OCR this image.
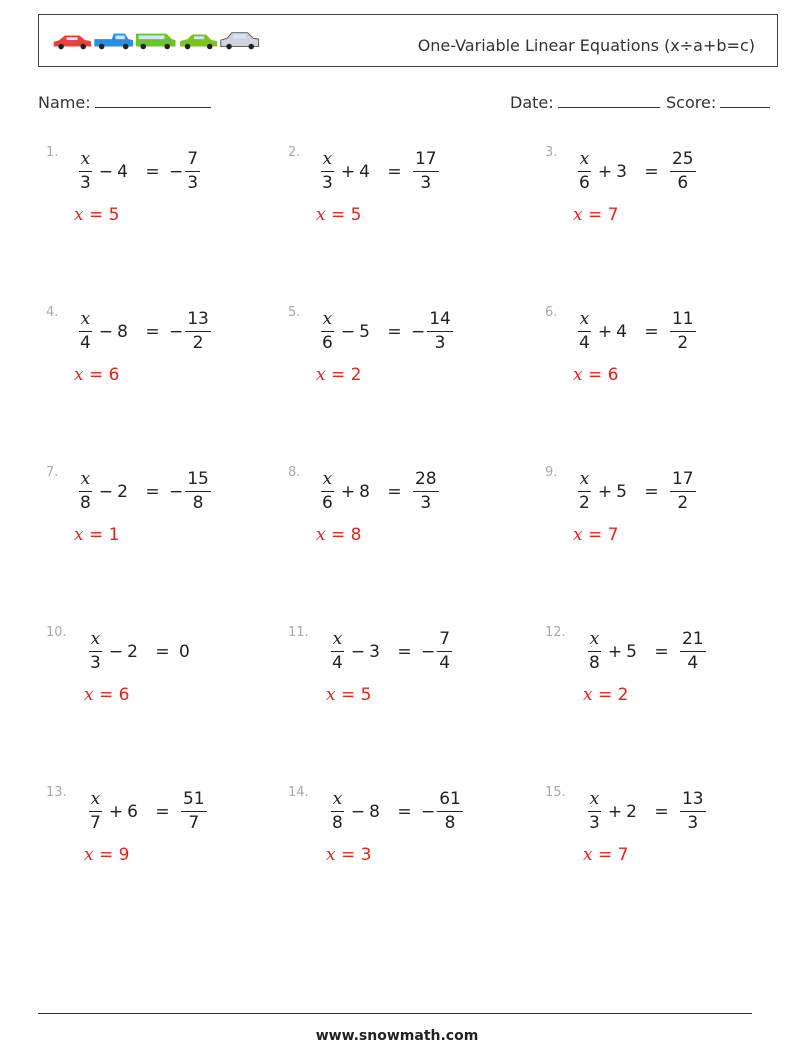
One-Variable Linear Equations (x÷a+b=c)
Name:	Date:	Score:
1. $\frac{x}{3} - 4$
= − $\frac{7}{3}$
x = 5
2. $\frac{x}{3} + 4$
= $\frac{17}{3}$
x = 5
3. $\frac{x}{6} + 3$
= $\frac{25}{6}$
x = 7
4. $\frac{x}{4} - 8$
= − $\frac{13}{2}$
x = 6
5. $\frac{x}{6} - 5$
= − $\frac{14}{3}$
x = 2
6. $\frac{x}{4} + 4$
= $\frac{11}{2}$
x = 6
7. $\frac{x}{8} - 2$
= − $\frac{15}{8}$
x = 1
8. $\frac{x}{6} + 8$
= $\frac{28}{3}$
x = 8
9. $\frac{x}{2} + 5$
= $\frac{17}{2}$
x = 7
10. $\frac{x}{3} - 2$
= 0
x = 6
11. $\frac{x}{4} - 3$
= − $\frac{7}{4}$
x = 5
12. $\frac{x}{8} + 5$
= $\frac{21}{4}$
x = 2
13. $\frac{x}{7} + 6$
= $\frac{51}{7}$
x = 9
14. $\frac{x}{8} - 8$
= − $\frac{61}{8}$
x = 3
15. $\frac{x}{3} + 2$
= $\frac{13}{3}$
x = 7
www.snowmath.com
